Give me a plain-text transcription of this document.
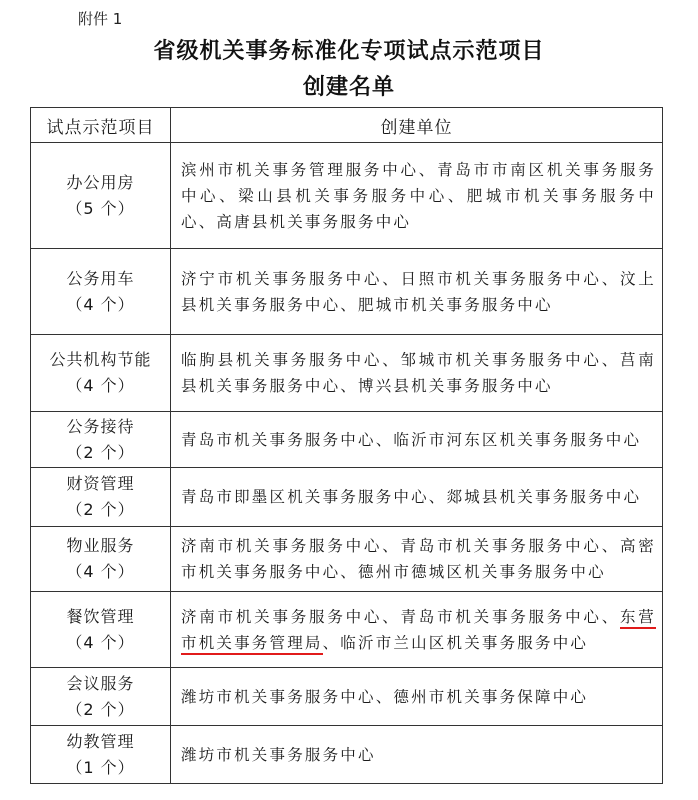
附件 1
省级机关事务标准化专项试点示范项目
创建名单
试点示范项目	创建单位

办公用房
（5 个）	滨州市机关事务管理服务中心、青岛市市南区机关事务服务中心、梁山县机关事务服务中心、肥城市机关事务服务中心、高唐县机关事务服务中心

公务用车
（4 个）	济宁市机关事务服务中心、日照市机关事务服务中心、汶上县机关事务服务中心、肥城市机关事务服务中心

公共机构节能
（4 个）	临朐县机关事务服务中心、邹城市机关事务服务中心、莒南县机关事务服务中心、博兴县机关事务服务中心

公务接待
（2 个）	青岛市机关事务服务中心、临沂市河东区机关事务服务中心

财资管理
（2 个）	青岛市即墨区机关事务服务中心、郯城县机关事务服务中心

物业服务
（4 个）	济南市机关事务服务中心、青岛市机关事务服务中心、高密市机关事务服务中心、德州市德城区机关事务服务中心

餐饮管理
（4 个）	济南市机关事务服务中心、青岛市机关事务服务中心、东营市机关事务管理局、临沂市兰山区机关事务服务中心

会议服务
（2 个）	潍坊市机关事务服务中心、德州市机关事务保障中心

幼教管理
（1 个）	潍坊市机关事务服务中心
